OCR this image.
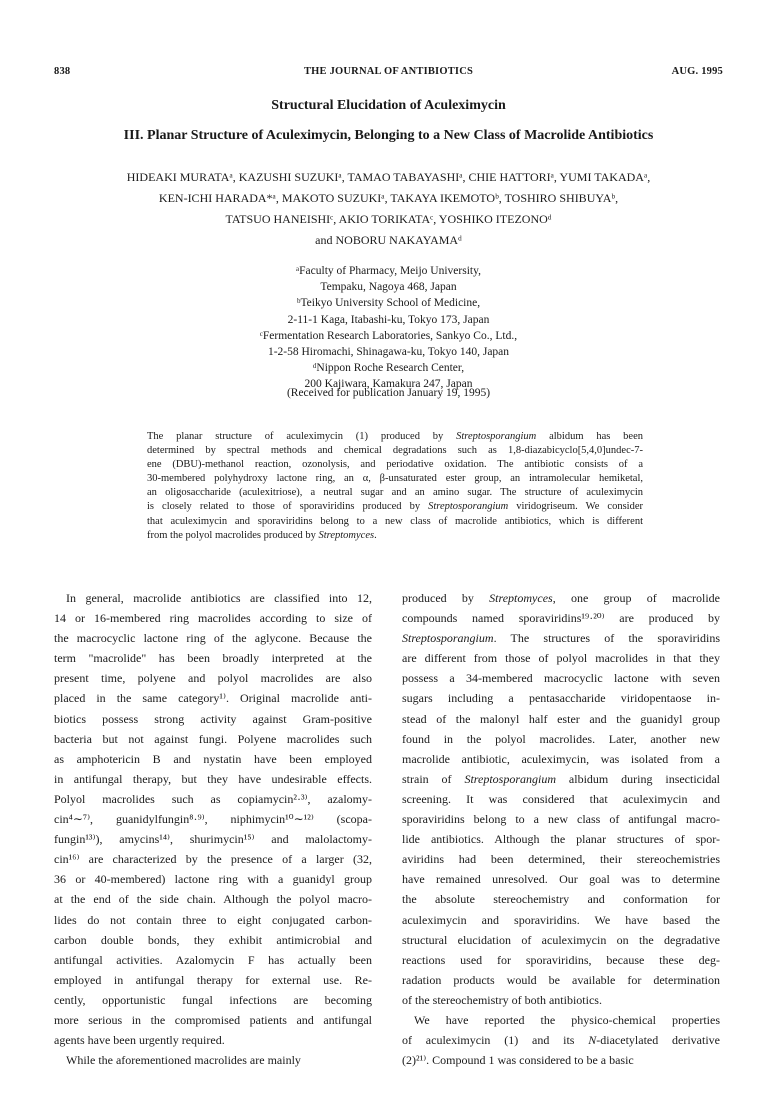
838	THE JOURNAL OF ANTIBIOTICS	AUG. 1995
Structural Elucidation of Aculeximycin
III. Planar Structure of Aculeximycin, Belonging to a New Class of Macrolide Antibiotics
HIDEAKI MURATAᵃ, KAZUSHI SUZUKIᵃ, TAMAO TABAYASHIᵃ, CHIE HATTORIᵃ, YUMI TAKADAᵃ,
KEN-ICHI HARADA*ᵃ, MAKOTO SUZUKIᵃ, TAKAYA IKEMOTOᵇ, TOSHIRO SHIBUYAᵇ,
TATSUO HANEISHIᶜ, AKIO TORIKATAᶜ, YOSHIKO ITEZONOᵈ
and NOBORU NAKAYAMAᵈ
ᵃFaculty of Pharmacy, Meijo University,
Tempaku, Nagoya 468, Japan
ᵇTeikyo University School of Medicine,
2-11-1 Kaga, Itabashi-ku, Tokyo 173, Japan
ᶜFermentation Research Laboratories, Sankyo Co., Ltd.,
1-2-58 Hiromachi, Shinagawa-ku, Tokyo 140, Japan
ᵈNippon Roche Research Center,
200 Kajiwara, Kamakura 247, Japan
(Received for publication January 19, 1995)
The planar structure of aculeximycin (1) produced by Streptosporangium albidum has been
determined by spectral methods and chemical degradations such as 1,8-diazabicyclo[5,4,0]undec-7-
ene (DBU)-methanol reaction, ozonolysis, and periodative oxidation. The antibiotic consists of a
30-membered polyhydroxy lactone ring, an α, β-unsaturated ester group, an intramolecular hemiketal,
an oligosaccharide (aculexitriose), a neutral sugar and an amino sugar. The structure of aculeximycin
is closely related to those of sporaviridins produced by Streptosporangium viridogriseum. We consider
that aculeximycin and sporaviridins belong to a new class of macrolide antibiotics, which is different
from the polyol macrolides produced by Streptomyces.
In general, macrolide antibiotics are classified into 12,
14 or 16-membered ring macrolides according to size of
the macrocyclic lactone ring of the aglycone. Because the
term "macrolide" has been broadly interpreted at the
present time, polyene and polyol macrolides are also
placed in the same category¹⁾. Original macrolide anti-
biotics possess strong activity against Gram-positive
bacteria but not against fungi. Polyene macrolides such
as amphotericin B and nystatin have been employed
in antifungal therapy, but they have undesirable effects.
Polyol macrolides such as copiamycin²·³⁾, azalomy-
cin⁴∼⁷⁾, guanidylfungin⁸·⁹⁾, niphimycin¹⁰∼¹²⁾ (scopa-
fungin¹³⁾), amycins¹⁴⁾, shurimycin¹⁵⁾ and malolactomy-
cin¹⁶⁾ are characterized by the presence of a larger (32,
36 or 40-membered) lactone ring with a guanidyl group
at the end of the side chain. Although the polyol macro-
lides do not contain three to eight conjugated carbon-
carbon double bonds, they exhibit antimicrobial and
antifungal activities. Azalomycin F has actually been
employed in antifungal therapy for external use. Re-
cently, opportunistic fungal infections are becoming
more serious in the compromised patients and antifungal
agents have been urgently required.
While the aforementioned macrolides are mainly
produced by Streptomyces, one group of macrolide
compounds named sporaviridins¹⁹·²⁰⁾ are produced by
Streptosporangium. The structures of the sporaviridins
are different from those of polyol macrolides in that they
possess a 34-membered macrocyclic lactone with seven
sugars including a pentasaccharide viridopentaose in-
stead of the malonyl half ester and the guanidyl group
found in the polyol macrolides. Later, another new
macrolide antibiotic, aculeximycin, was isolated from a
strain of Streptosporangium albidum during insecticidal
screening. It was considered that aculeximycin and
sporaviridins belong to a new class of antifungal macro-
lide antibiotics. Although the planar structures of spor-
aviridins had been determined, their stereochemistries
have remained unresolved. Our goal was to determine
the absolute stereochemistry and conformation for
aculeximycin and sporaviridins. We have based the
structural elucidation of aculeximycin on the degradative
reactions used for sporaviridins, because these deg-
radation products would be available for determination
of the stereochemistry of both antibiotics.
We have reported the physico-chemical properties
of aculeximycin (1) and its N-diacetylated derivative
(2)²¹⁾. Compound 1 was considered to be a basic
